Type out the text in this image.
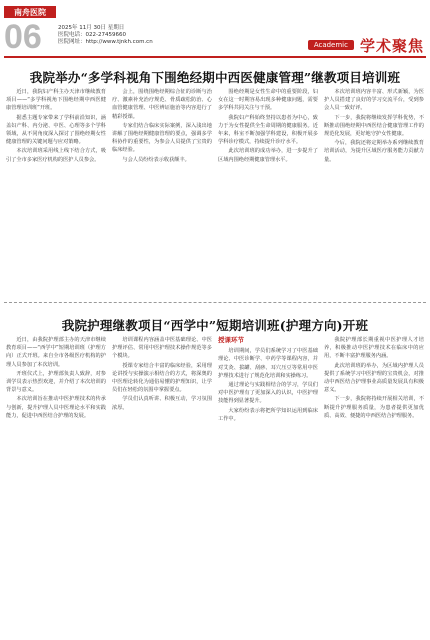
南舟医院
06	2025年 11月 30日 星期日
医院电话：022-27459660
医院网址：http://www.tjnkh.com.cn	Academic 学术聚焦
我院举办“多学科视角下围绝经期中西医健康管理”继教项目培训班

近日，我院妇产科主办天津市继续教育项目——“多学科视角下围绝经期中西医健康管理培训班”开班。

据悉主题专家带来了学科前沿知识，涵盖妇产科、内分泌、中医、心理等多个学科领域，从不同角度深入探讨了围绝经期女性健康管理的关键问题与应对策略。

本次培训班采用线上线下结合方式，吸引了全市多家医疗机构的医护人员参会。

会上，围绕围绝经期综合征的诊断与治疗、激素补充治疗规范、骨质疏松防治、心血管健康管理、中医辨证施治等内容进行了精彩授课。

专家们结合临床实际案例，深入浅出地讲解了围绝经期健康管理的要点，强调多学科协作的重要性，为参会人员提供了宝贵的临床经验。

与会人员纷纷表示收获颇丰。

围绝经期是女性生命中的重要阶段，妇女在这一时期容易出现多种健康问题，需要多学科共同关注与干预。

我院妇产科始终坚持以患者为中心，致力于为女性提供全生命周期的健康服务。近年来，科室不断加强学科建设，积极开展多学科诊疗模式，持续提升诊疗水平。

此次培训班的成功举办，进一步提升了区域内围绝经期健康管理水平。

本次培训班内容丰富、形式新颖，为医护人员搭建了良好的学习交流平台，受到参会人员一致好评。

下一步，我院将继续发挥学科优势，不断推动围绝经期中西医结合健康管理工作的规范化发展，更好地守护女性健康。

今后，我院还将定期举办系列继续教育培训活动，为提升区域医疗服务能力贡献力量。

我院护理继教项目“西学中”短期培训班(护理方向)开班

近日，由我院护理部主办的天津市继续教育项目——“西学中”短期培训班（护理方向）正式开班。来自全市各级医疗机构的护理人员参加了本次培训。

开班仪式上，护理部负责人致辞，对参训学员表示热烈欢迎，并介绍了本次培训的背景与意义。

本次培训旨在推动中医护理技术的传承与创新，提升护理人员中医理论水平和实践能力，促进中西医结合护理的发展。

培训课程内容涵盖中医基础理论、中医护理评估、常用中医护理技术操作规范等多个模块。

授课专家结合丰富的临床经验，采用理论讲授与实操演示相结合的方式，将深奥的中医理论转化为通俗易懂的护理知识，让学员们在轻松的氛围中掌握要点。

学员们认真听讲、积极互动，学习氛围浓厚。

授课环节

培训期间，学员们系统学习了中医基础理论、中医诊断学、中药学等课程内容，并对艾灸、拔罐、刮痧、耳穴压豆等常用中医护理技术进行了规范化培训和实操练习。

通过理论与实践相结合的学习，学员们对中医护理有了更加深入的认识，中医护理技能得到显著提升。

大家纷纷表示将把所学知识运用到临床工作中。

我院护理部长期重视中医护理人才培养，积极推动中医护理技术在临床中的应用，不断丰富护理服务内涵。

此次培训班的举办，为区域内护理人员提供了系统学习中医护理的宝贵机会，对推动中西医结合护理事业高质量发展具有积极意义。

下一步，我院将持续开展相关培训，不断提升护理服务质量，为患者提供更加优质、高效、便捷的中西医结合护理服务。
